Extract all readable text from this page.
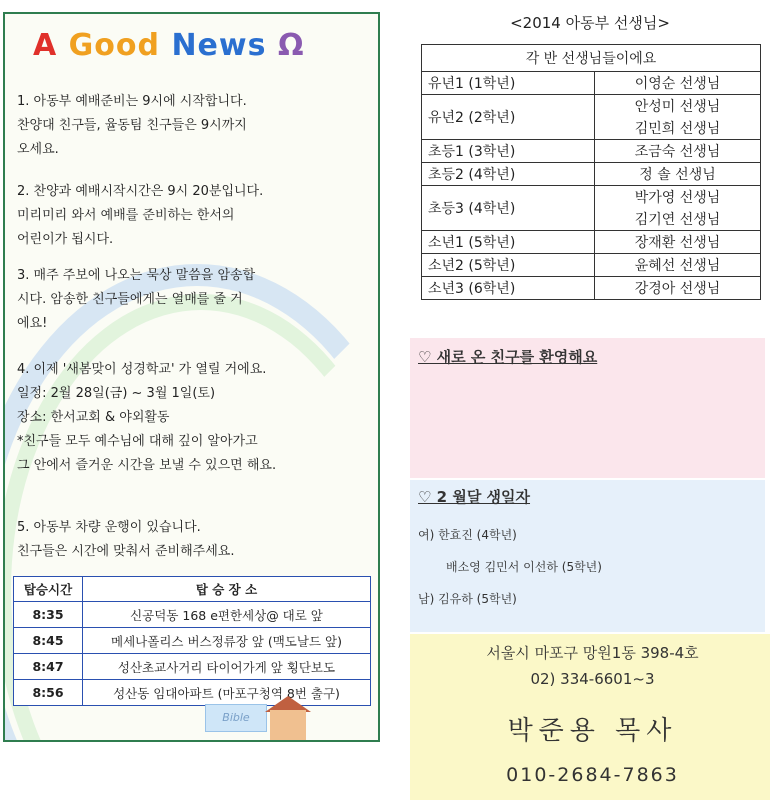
A Good News Ω

1. 아동부 예배준비는 9시에 시작합니다.

찬양대 친구들, 율동팀 친구들은 9시까지

오세요.

2. 찬양과 예배시작시간은 9시 20분입니다.

미리미리 와서 예배를 준비하는 한서의

어린이가 됩시다.

3. 매주 주보에 나오는 묵상 말씀을 암송합

시다. 암송한 친구들에게는 열매를 줄 거

에요!

4. 이제 '새봄맞이 성경학교' 가 열릴 거에요.

일정: 2월 28일(금) ~ 3월 1일(토)

장소: 한서교회 & 야외활동

*친구들 모두 예수님에 대해 깊이 알아가고

그 안에서 즐거운 시간을 보낼 수 있으면 해요.

5. 아동부 차량 운행이 있습니다.

친구들은 시간에 맞춰서 준비해주세요.

탑승시간	탑 승 장 소
8:35	신공덕동 168 e편한세상@ 대로 앞
8:45	메세나폴리스 버스정류장 앞 (맥도날드 앞)
8:47	성산초교사거리 타이어가게 앞 횡단보도
8:56	성산동 임대아파트 (마포구청역 8번 출구)
Bible
<2014 아동부 선생님>
각 반 선생님들이에요	
유년1 (1학년)	이영순 선생님
유년2 (2학년)	안성미 선생님
	김민희 선생님
초등1 (3학년)	조금숙 선생님
초등2 (4학년)	정 솔 선생님
초등3 (4학년)	박가영 선생님
	김기연 선생님
소년1 (5학년)	장재환 선생님
소년2 (5학년)	윤혜선 선생님
소년3 (6학년)	강경아 선생님
♡ 새로 온 친구를 환영해요
♡ 2 월달 생일자
여) 한효진 (4학년)
배소영 김민서 이선하 (5학년)
남) 김유하 (5학년)
서울시 마포구 망원1동 398-4호
02) 334-6601~3
박준용 목사
010-2684-7863
